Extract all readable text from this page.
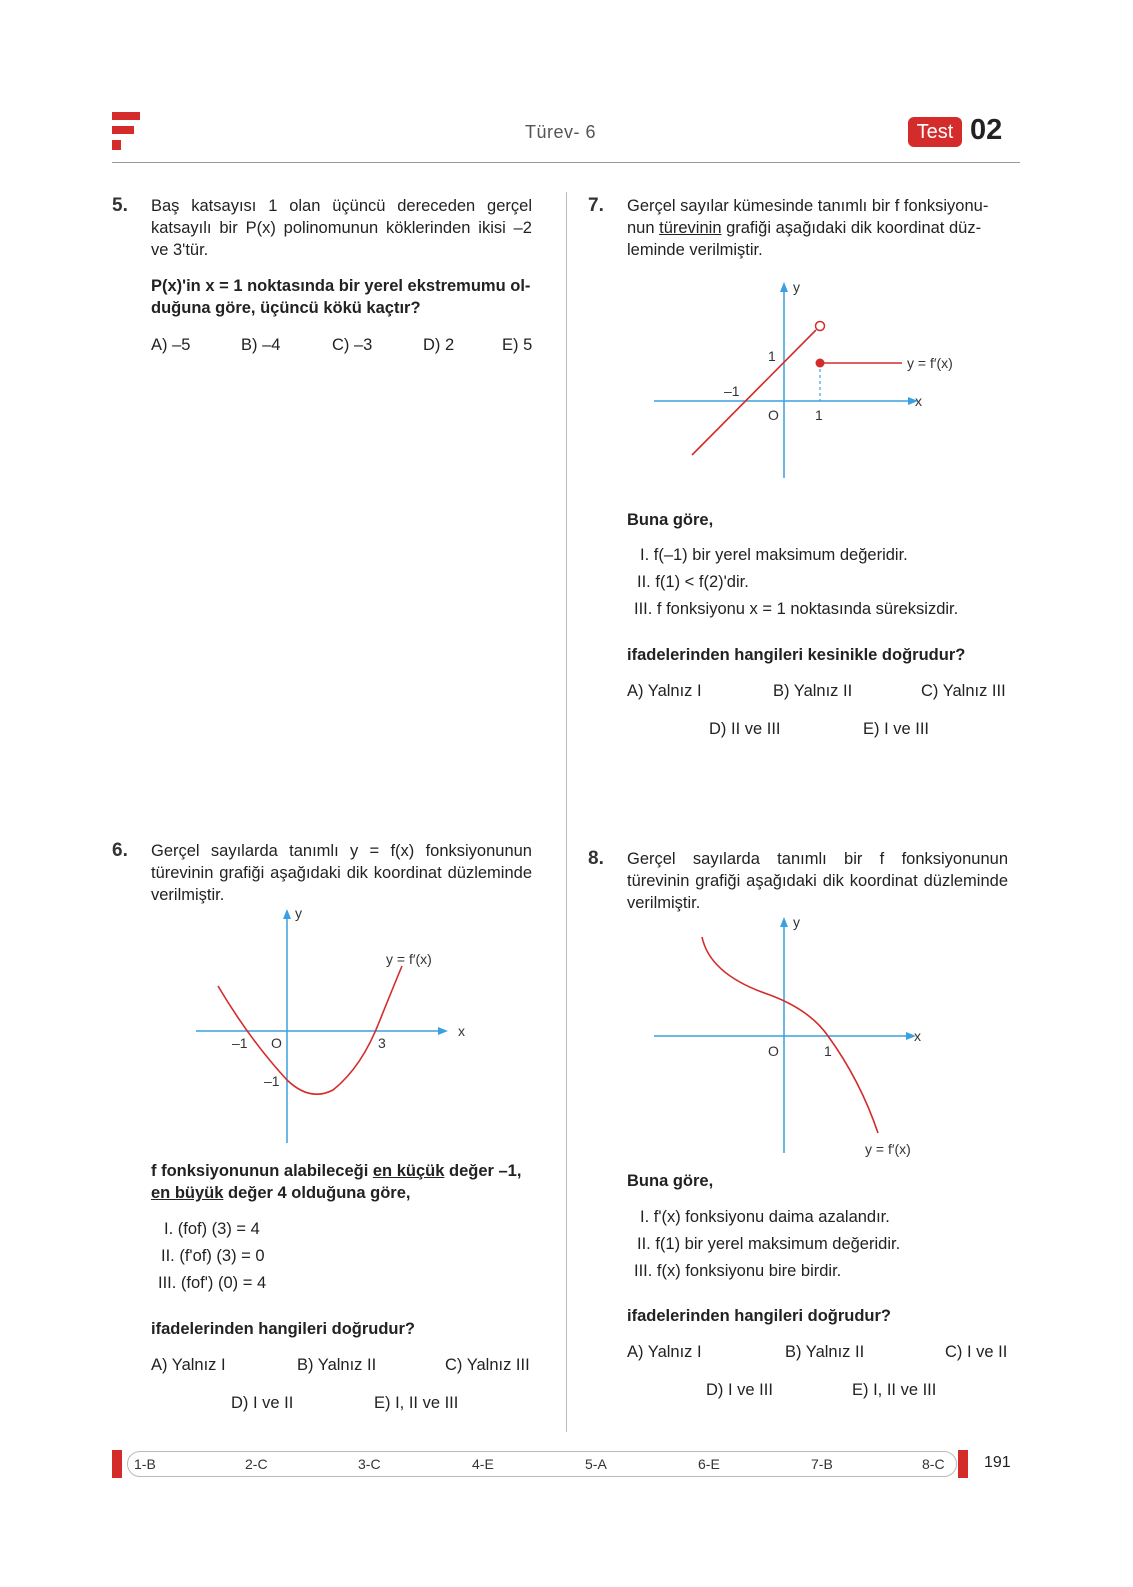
Türev- 6	Test 02
5. Baş katsayısı 1 olan üçüncü dereceden gerçel katsayılı bir P(x) polinomunun köklerinden ikisi –2 ve 3'tür.
P(x)'in x = 1 noktasında bir yerel ekstremumu ol-
duğuna göre, üçüncü kökü kaçtır?
A) –5	B) –4	C) –3	D) 2	E) 5
7. Gerçel sayılar kümesinde tanımlı bir f fonksiyonu-
nun türevinin grafiği aşağıdaki dik koordinat düz-
leminde verilmiştir.
y
x
y = f′(x)
O
–1
1
1
Buna göre,
I. f(–1) bir yerel maksimum değeridir.
II. f(1) < f(2)'dir.
III. f fonksiyonu x = 1 noktasında süreksizdir.
ifadelerinden hangileri kesinikle doğrudur?
A) Yalnız I	B) Yalnız II	C) Yalnız III
D) II ve III	E) I ve III
6. Gerçel sayılarda tanımlı y = f(x) fonksiyonunun türevinin grafiği aşağıdaki dik koordinat düzleminde verilmiştir.
y
x
y = f′(x)
O
–1	3
–1
f fonksiyonunun alabileceği en küçük değer –1,
en büyük değer 4 olduğuna göre,
I. (fof) (3) = 4
II. (f'of) (3) = 0
III. (fof') (0) = 4
ifadelerinden hangileri doğrudur?
A) Yalnız I	B) Yalnız II	C) Yalnız III
D) I ve II	E) I, II ve III
8. Gerçel sayılarda tanımlı bir f fonksiyonunun türevinin grafiği aşağıdaki dik koordinat düzleminde verilmiştir.
y
x
y = f′(x)
O	1
Buna göre,
I. f'(x) fonksiyonu daima azalandır.
II. f(1) bir yerel maksimum değeridir.
III. f(x) fonksiyonu bire birdir.
ifadelerinden hangileri doğrudur?
A) Yalnız I	B) Yalnız II	C) I ve II
D) I ve III	E) I, II ve III
1-B	2-C	3-C	4-E	5-A	6-E	7-B	8-C 191
